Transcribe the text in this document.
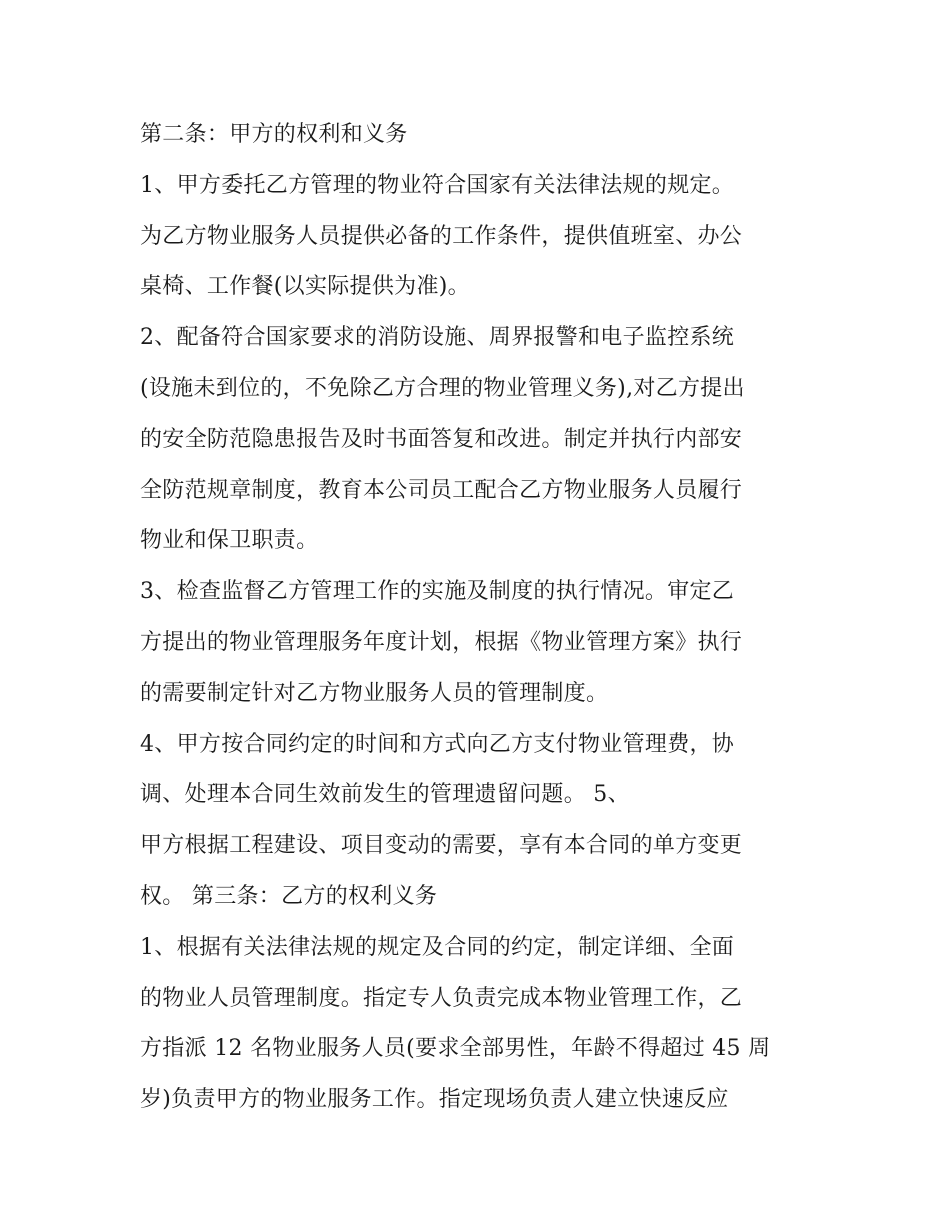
第二条：甲方的权利和义务
1、甲方委托乙方管理的物业符合国家有关法律法规的规定。
为乙方物业服务人员提供必备的工作条件，提供值班室、办公
桌椅、工作餐(以实际提供为准)。
2、配备符合国家要求的消防设施、周界报警和电子监控系统
(设施未到位的，不免除乙方合理的物业管理义务),对乙方提出
的安全防范隐患报告及时书面答复和改进。制定并执行内部安
全防范规章制度，教育本公司员工配合乙方物业服务人员履行
物业和保卫职责。
3、检查监督乙方管理工作的实施及制度的执行情况。审定乙
方提出的物业管理服务年度计划，根据《物业管理方案》执行
的需要制定针对乙方物业服务人员的管理制度。
4、甲方按合同约定的时间和方式向乙方支付物业管理费，协
调、处理本合同生效前发生的管理遗留问题。 5、
甲方根据工程建设、项目变动的需要，享有本合同的单方变更
权。 第三条：乙方的权利义务
1、根据有关法律法规的规定及合同的约定，制定详细、全面
的物业人员管理制度。指定专人负责完成本物业管理工作，乙
方指派 12 名物业服务人员(要求全部男性，年龄不得超过 45 周
岁)负责甲方的物业服务工作。指定现场负责人建立快速反应
